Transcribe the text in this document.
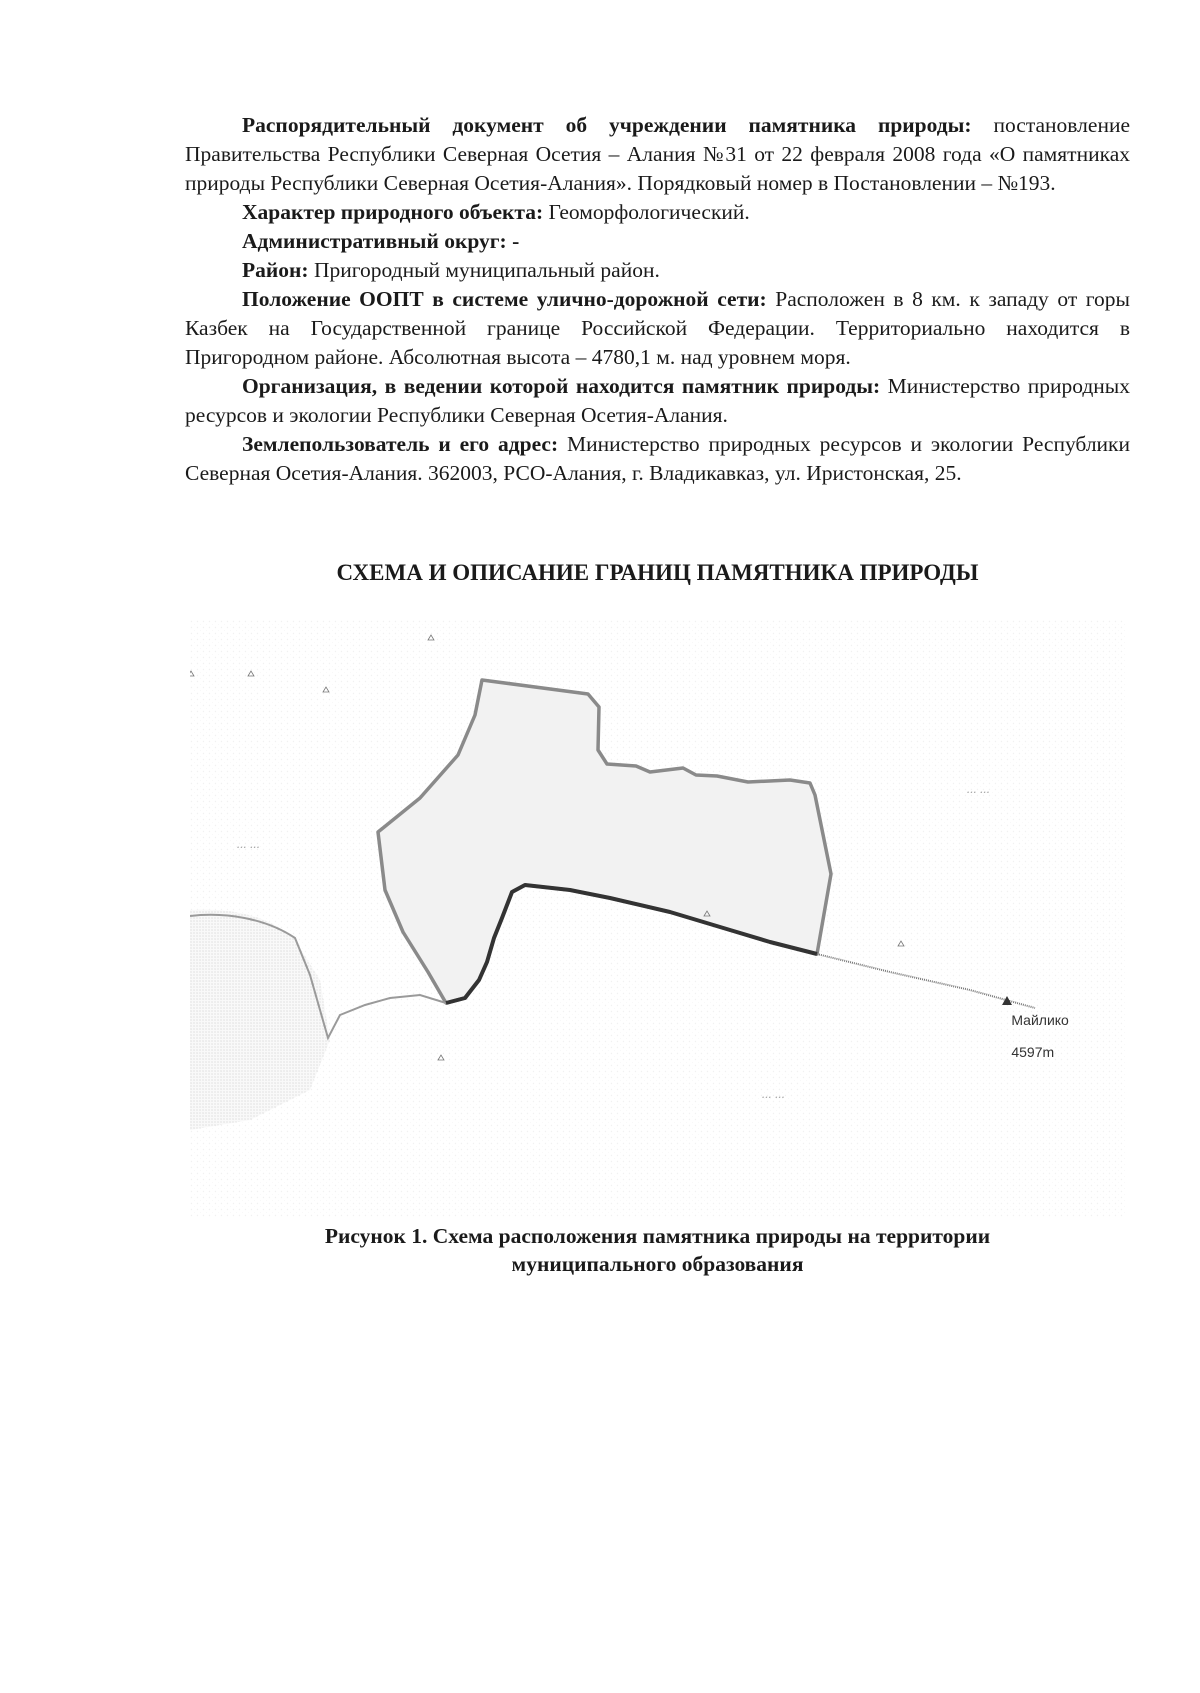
Распорядительный документ об учреждении памятника природы: постановление Правительства Республики Северная Осетия – Алания №31 от 22 февраля 2008 года «О памятниках природы Республики Северная Осетия-Алания». Порядковый номер в Постановлении – №193.

Характер природного объекта: Геоморфологический.

Административный округ: -

Район: Пригородный муниципальный район.

Положение ООПТ в системе улично-дорожной сети: Расположен в 8 км. к западу от горы Казбек на Государственной границе Российской Федерации. Территориально находится в Пригородном районе. Абсолютная высота – 4780,1 м. над уровнем моря.

Организация, в ведении которой находится памятник природы: Министерство природных ресурсов и экологии Республики Северная Осетия-Алания.

Землепользователь и его адрес: Министерство природных ресурсов и экологии Республики Северная Осетия-Алания. 362003, РСО-Алания, г. Владикавказ, ул. Иристонская, 25.

СХЕМА И ОПИСАНИЕ ГРАНИЦ ПАМЯТНИКА ПРИРОДЫ
ᐧᐧᐧ ᐧᐧᐧ
ᐧᐧᐧ ᐧᐧᐧ
ᐧᐧᐧ ᐧᐧᐧ

Майлико

4597m

Рисунок 1. Схема расположения памятника природы на территории
муниципального образования
